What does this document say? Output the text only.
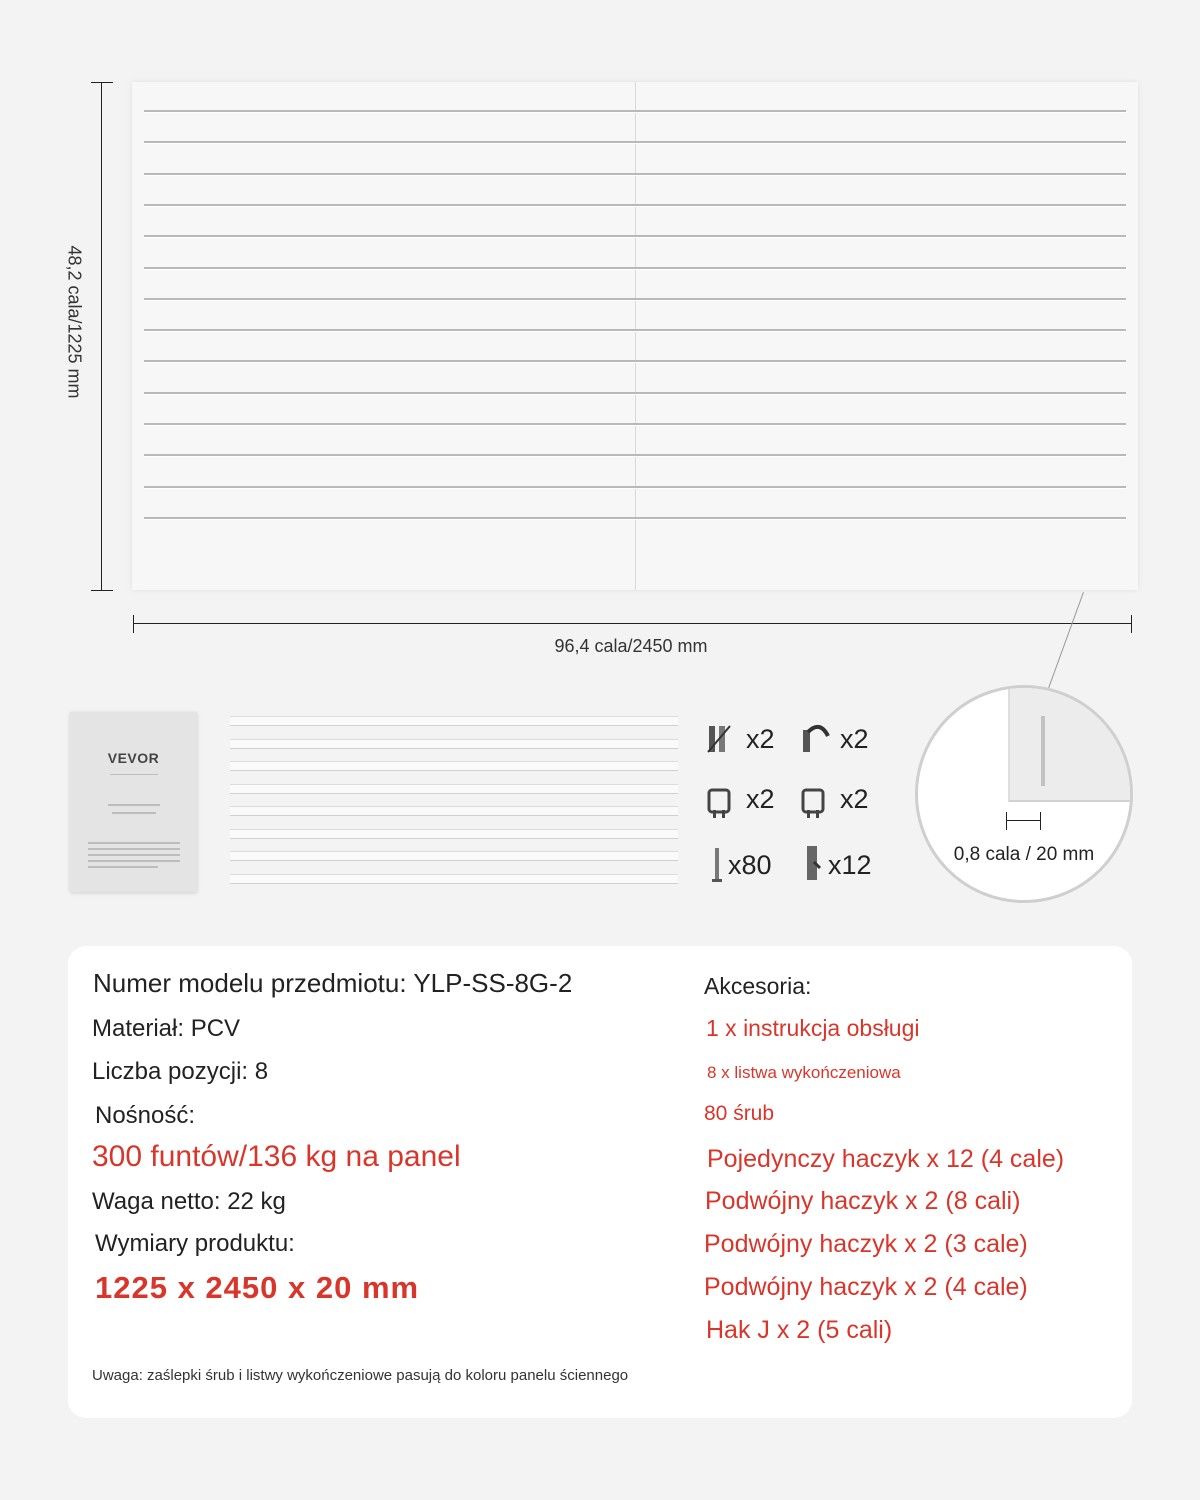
48,2 cala/1225 mm
96,4 cala/2450 mm
VEVOR
x2 x2
x2 x2
x80 x12	0,8 cala / 20 mm
Numer modelu przedmiotu: YLP-SS-8G-2
Materiał: PCV
Liczba pozycji: 8
Nośność:
300 funtów/136 kg na panel
Waga netto: 22 kg
Wymiary produktu:
1225 x 2450 x 20 mm
Akcesoria:
1 x instrukcja obsługi
8 x listwa wykończeniowa
80 śrub
Pojedynczy haczyk x 12 (4 cale)
Podwójny haczyk x 2 (8 cali)
Podwójny haczyk x 2 (3 cale)
Podwójny haczyk x 2 (4 cale)
Hak J x 2 (5 cali)
Uwaga: zaślepki śrub i listwy wykończeniowe pasują do koloru panelu ściennego
